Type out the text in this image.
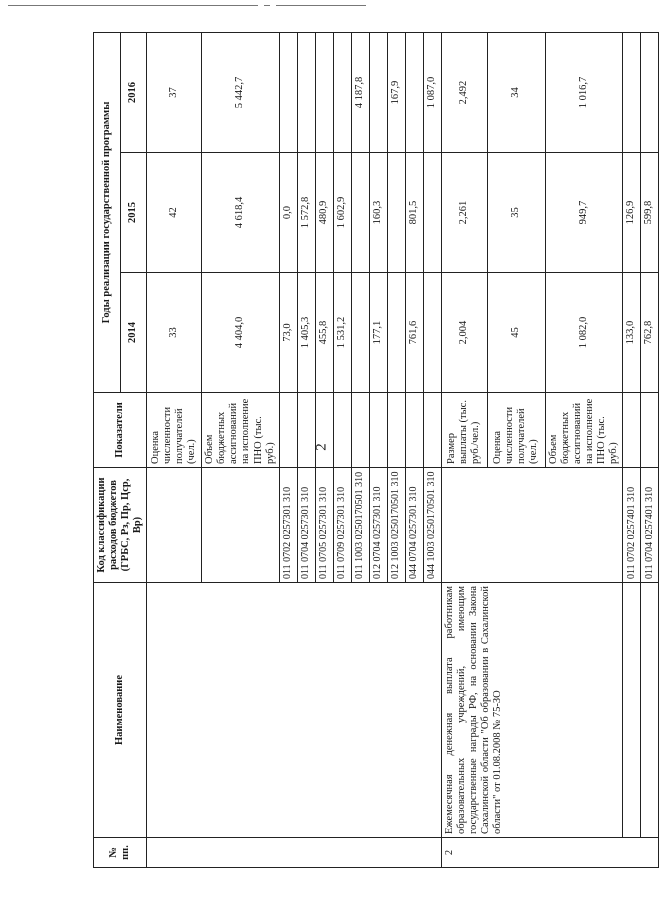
2
№ пп.	Наименование	Код классификации расходов бюджетов (ГРБС, Рз, Пр, Цср, Вр)	Показатели	Годы реализации государственной программы		
				2014	2015	2016
			Оценка численности получателей (чел.)	33	42	37
			Объем бюджетных ассигнований на исполнение ПНО (тыс. руб.)	4 404,0	4 618,4	5 442,7
		011 0702 0257301 310		73,0	0,0	
		011 0704 0257301 310		1 405,3	1 572,8	
		011 0705 0257301 310		455,8	480,9	
		011 0709 0257301 310		1 531,2	1 602,9	
		011 1003 0250170501 310				4 187,8
		012 0704 0257301 310		177,1	160,3	
		012 1003 0250170501 310				167,9
		044 0704 0257301 310		761,6	801,5	
		044 1003 0250170501 310				1 087,0
2	Ежемесячная денежная выплата работникам образовательных учреждений, имеющим государственные награды РФ, на основании Закона Сахалинской области "Об образовании в Сахалинской области" от 01.08.2008 № 75-ЗО		Размер выплаты (тыс. руб./чел.)	2,004	2,261	2,492
			Оценка численности получателей (чел.)	45	35	34
			Объем бюджетных ассигнований на исполнение ПНО (тыс. руб.)	1 082,0	949,7	1 016,7
		011 0702 0257401 310		133,0	126,9	
		011 0704 0257401 310		762,8	599,8	
